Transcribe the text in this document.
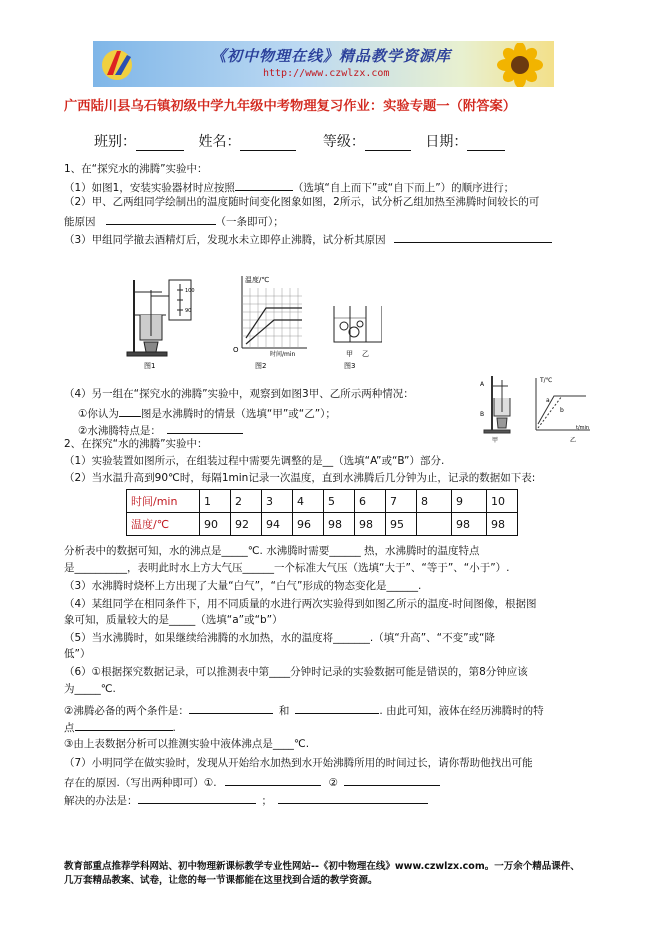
《初中物理在线》精品教学资源库
http://www.czwlzx.com
广西陆川县乌石镇初级中学九年级中考物理复习作业：实验专题一（附答案）
班别：	姓名：	等级：	日期：
1、在“探究水的沸腾”实验中：
（1）如图1，安装实验器材时应按照	（选填“自上而下”或“自下而上”）的顺序进行；
（2）甲、乙两组同学绘制出的温度随时间变化图象如图，2所示，试分析乙组加热至沸腾时间较长的可
能原因	（一条即可）；
（3）甲组同学撤去酒精灯后，发现水未立即停止沸腾，试分析其原因
100
90
图1
温度/℃
时间/min
O
图2
甲 乙
图3
（4）另一组在“探究水的沸腾”实验中，观察到如图3甲、乙所示两种情况：
①你认为 图是水沸腾时的情景（选填“甲”或“乙”）；
②水沸腾特点是：
A
B
甲
T/℃
t/min
a
b
乙
2、在探究“水的沸腾”实验中：
（1）实验装置如图所示，在组装过程中需要先调整的是__（选填“A”或“B”）部分.
（2）当水温升高到90℃时，每隔1min记录一次温度，直到水沸腾后几分钟为止，记录的数据如下表:
时间/min	1	2	3	4	5	6	7	8	9	10
温度/℃	90	92	94	96	98	98	95		98	98
分析表中的数据可知，水的沸点是_____℃. 水沸腾时需要______ 热，水沸腾时的温度特点
是__________，表明此时水上方大气压______一个标准大气压（选填“大于”、“等于”、“小于”）.
（3）水沸腾时烧杯上方出现了大量“白气”，“白气”形成的物态变化是______.
（4）某组同学在相同条件下，用不同质量的水进行两次实验得到如图乙所示的温度-时间图像，根据图
象可知，质量较大的是_____（选填“a”或“b”）
（5）当水沸腾时，如果继续给沸腾的水加热，水的温度将_______.（填“升高”、“不变”或“降
低”）
（6）①根据探究数据记录，可以推测表中第____分钟时记录的实验数据可能是错误的，第8分钟应该
为_____℃.
②沸腾必备的两个条件是：	和	. 由此可知，液体在经历沸腾时的特
点	.
③由上表数据分析可以推测实验中液体沸点是____℃.
（7）小明同学在做实验时，发现从开始给水加热到水开始沸腾所用的时间过长，请你帮助他找出可能
存在的原因.（写出两种即可）①.	②
解决的办法是：	；
教育部重点推荐学科网站、初中物理新课标教学专业性网站--《初中物理在线》www.czwlzx.com。一万余个精品课件、
几万套精品教案、试卷，让您的每一节课都能在这里找到合适的教学资源。
